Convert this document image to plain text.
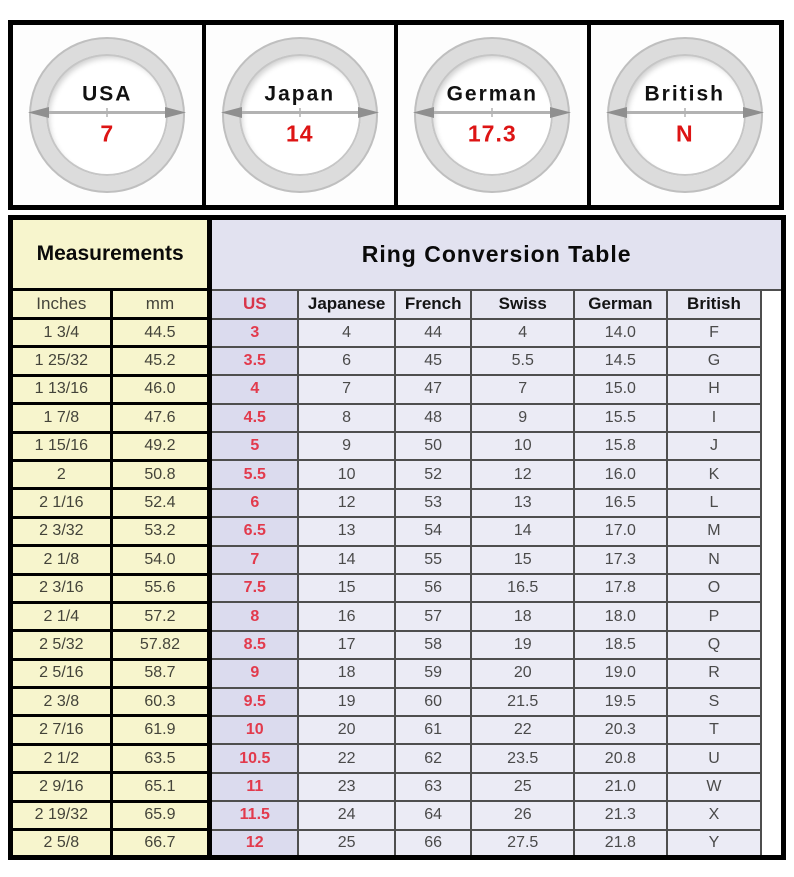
USA
7
Japan
14
German
17.3
British
N
Measurements		Ring Conversion Table						
Inches	mm	US	Japanese	French	Swiss	German	British	
1 3/4	44.5	3	4	44	4	14.0	F	
1 25/32	45.2	3.5	6	45	5.5	14.5	G	
1 13/16	46.0	4	7	47	7	15.0	H	
1 7/8	47.6	4.5	8	48	9	15.5	I	
1 15/16	49.2	5	9	50	10	15.8	J	
2	50.8	5.5	10	52	12	16.0	K	
2 1/16	52.4	6	12	53	13	16.5	L	
2 3/32	53.2	6.5	13	54	14	17.0	M	
2 1/8	54.0	7	14	55	15	17.3	N	
2 3/16	55.6	7.5	15	56	16.5	17.8	O	
2 1/4	57.2	8	16	57	18	18.0	P	
2 5/32	57.82	8.5	17	58	19	18.5	Q	
2 5/16	58.7	9	18	59	20	19.0	R	
2 3/8	60.3	9.5	19	60	21.5	19.5	S	
2 7/16	61.9	10	20	61	22	20.3	T	
2 1/2	63.5	10.5	22	62	23.5	20.8	U	
2 9/16	65.1	11	23	63	25	21.0	W	
2 19/32	65.9	11.5	24	64	26	21.3	X	
2 5/8	66.7	12	25	66	27.5	21.8	Y	
